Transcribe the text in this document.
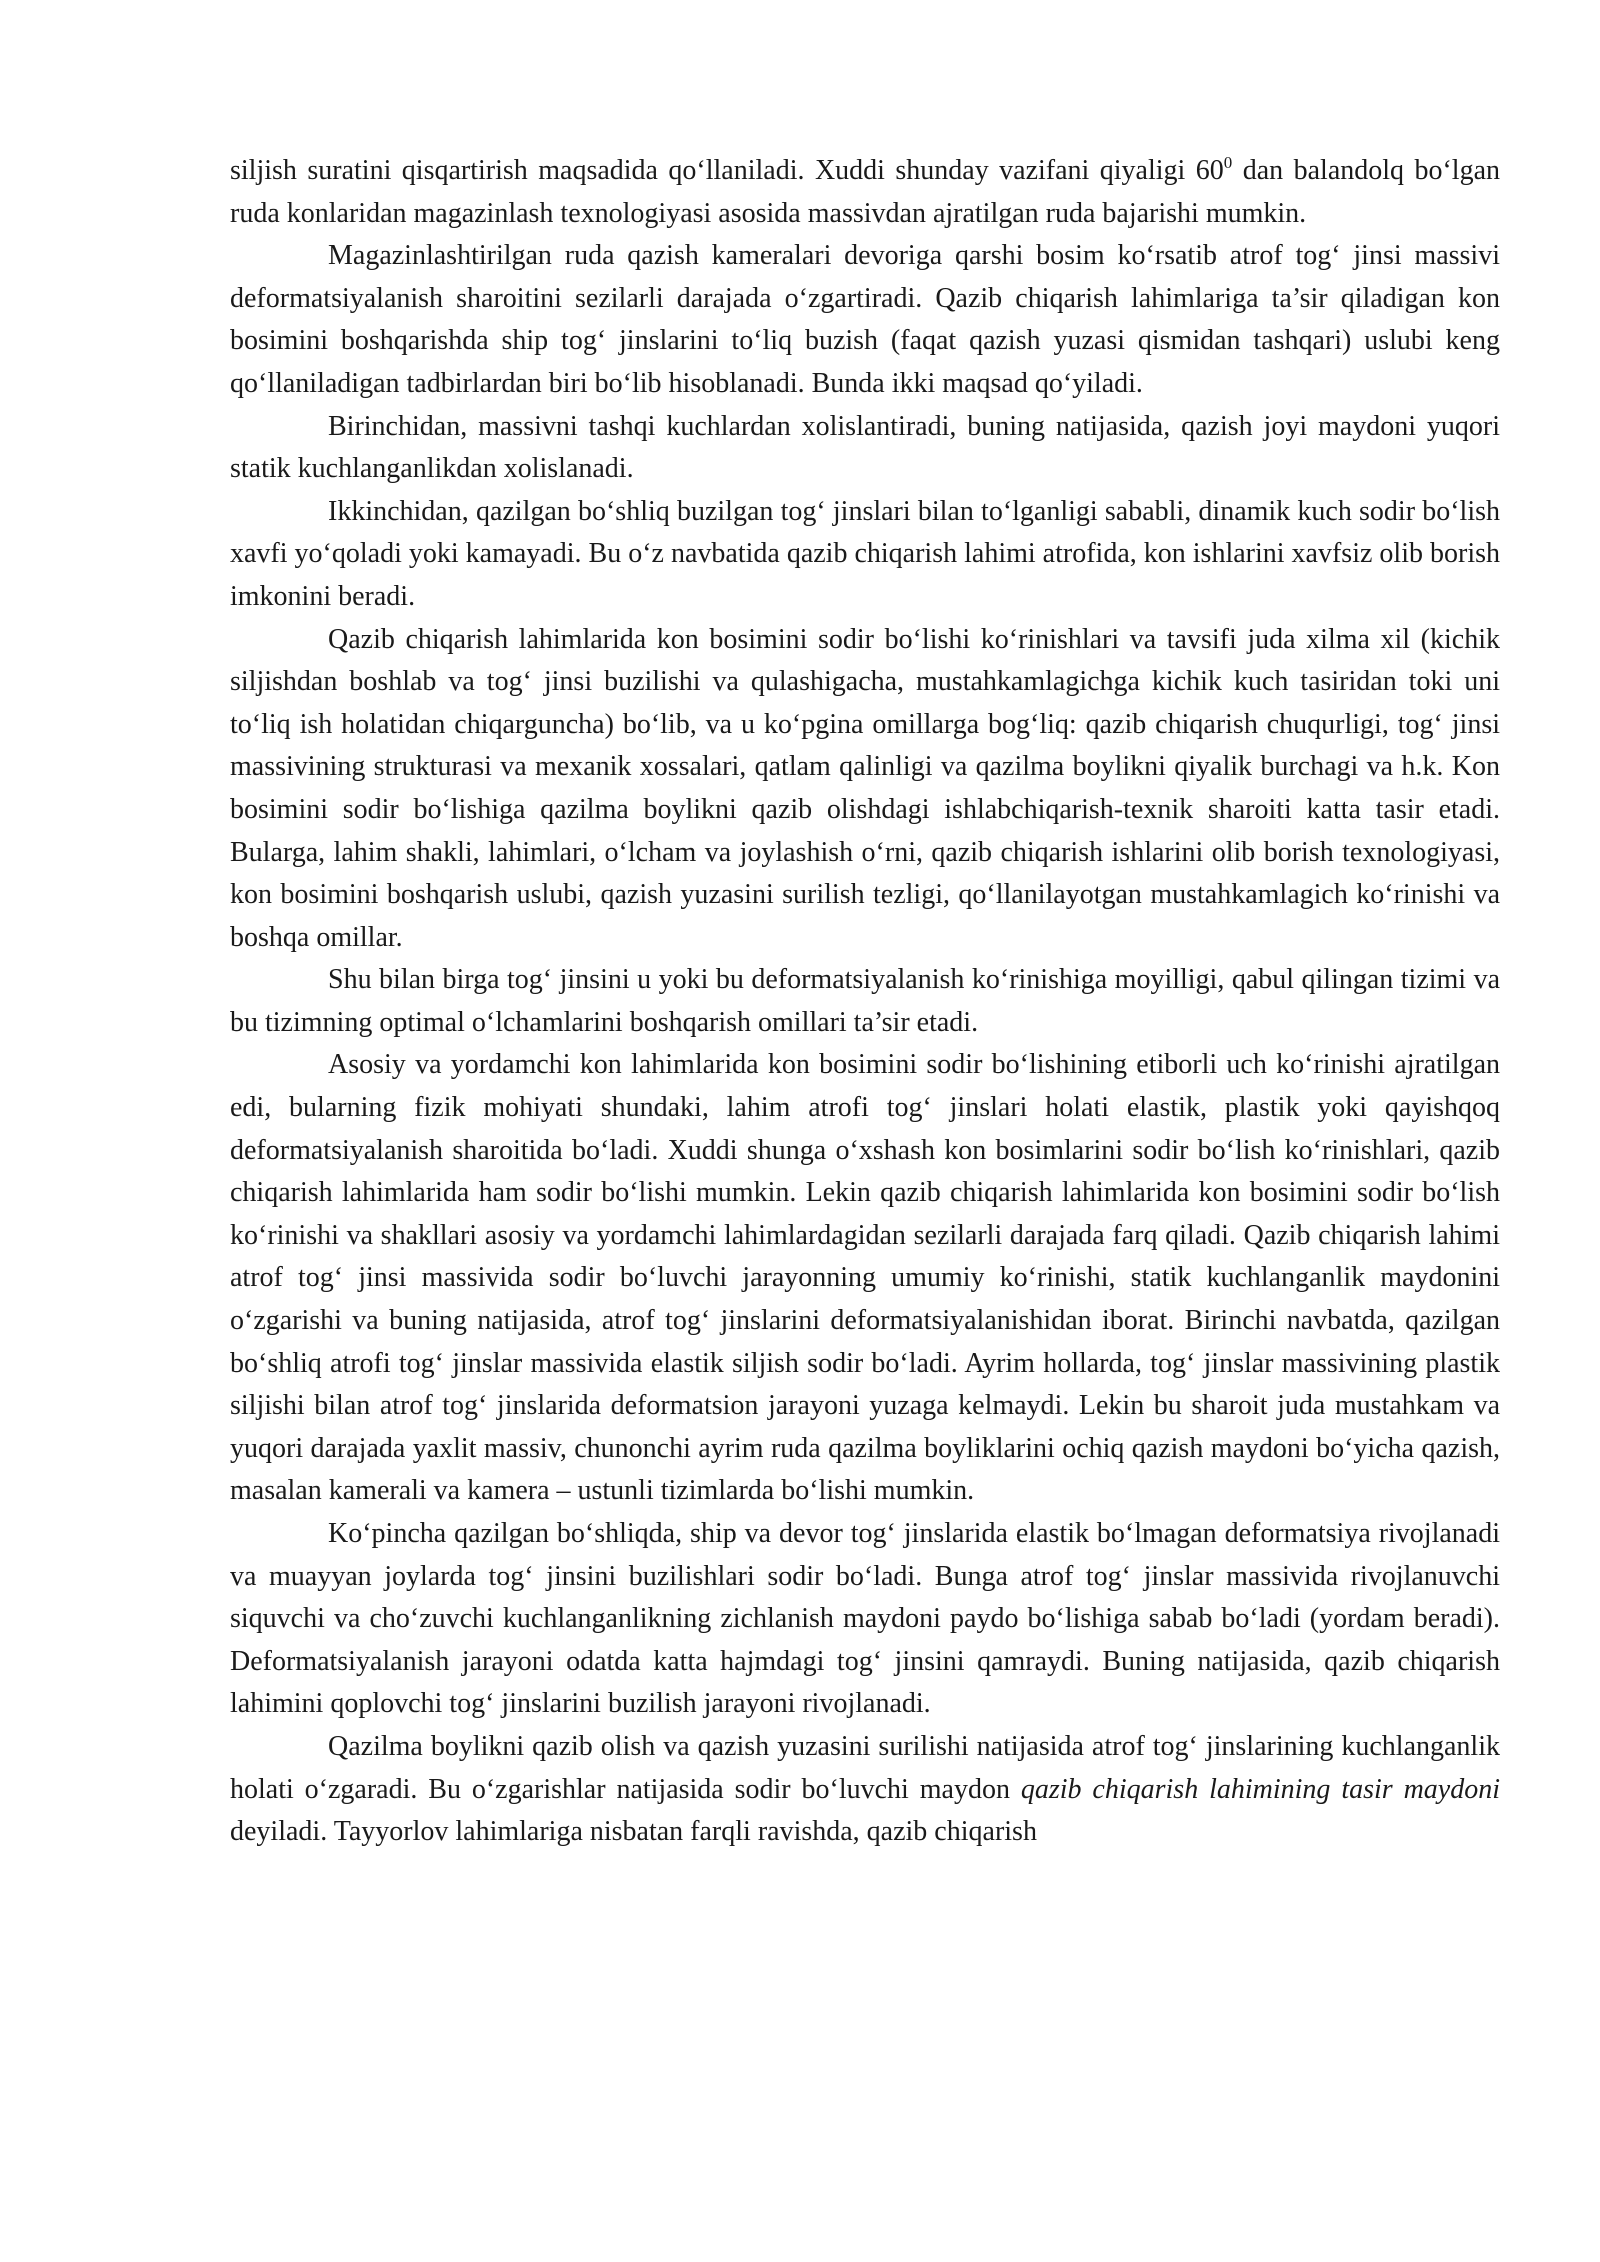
siljish suratini qisqartirish maqsadida qo‘llaniladi. Xuddi shunday vazifani qiyaligi $60^0$ dan balandolq bo‘lgan ruda konlaridan magazinlash texnologiyasi asosida massivdan ajratilgan ruda bajarishi mumkin.

Magazinlashtirilgan ruda qazish kameralari devoriga qarshi bosim ko‘rsatib atrof tog‘ jinsi massivi deformatsiyalanish sharoitini sezilarli darajada o‘zgartiradi. Qazib chiqarish lahimlariga ta’sir qiladigan kon bosimini boshqarishda ship tog‘ jinslarini to‘liq buzish (faqat qazish yuzasi qismidan tashqari) uslubi keng qo‘llaniladigan tadbirlardan biri bo‘lib hisoblanadi. Bunda ikki maqsad qo‘yiladi.

Birinchidan, massivni tashqi kuchlardan xolislantiradi, buning natijasida, qazish joyi maydoni yuqori statik kuchlanganlikdan xolislanadi.

Ikkinchidan, qazilgan bo‘shliq buzilgan tog‘ jinslari bilan to‘lganligi sababli, dinamik kuch sodir bo‘lish xavfi yo‘qoladi yoki kamayadi. Bu o‘z navbatida qazib chiqarish lahimi atrofida, kon ishlarini xavfsiz olib borish imkonini beradi.

Qazib chiqarish lahimlarida kon bosimini sodir bo‘lishi ko‘rinishlari va tavsifi juda xilma xil (kichik siljishdan boshlab va tog‘ jinsi buzilishi va qulashigacha, mustahkamlagichga kichik kuch tasiridan toki uni to‘liq ish holatidan chiqarguncha) bo‘lib, va u ko‘pgina omillarga bog‘liq: qazib chiqarish chuqurligi, tog‘ jinsi massivining strukturasi va mexanik xossalari, qatlam qalinligi va qazilma boylikni qiyalik burchagi va h.k. Kon bosimini sodir bo‘lishiga qazilma boylikni qazib olishdagi ishlabchiqarish-texnik sharoiti katta tasir etadi. Bularga, lahim shakli, lahimlari, o‘lcham va joylashish o‘rni, qazib chiqarish ishlarini olib borish texnologiyasi, kon bosimini boshqarish uslubi, qazish yuzasini surilish tezligi, qo‘llanilayotgan mustahkamlagich ko‘rinishi va boshqa omillar.

Shu bilan birga tog‘ jinsini u yoki bu deformatsiyalanish ko‘rinishiga moyilligi, qabul qilingan tizimi va bu tizimning optimal o‘lchamlarini boshqarish omillari ta’sir etadi.

Asosiy va yordamchi kon lahimlarida kon bosimini sodir bo‘lishining etiborli uch ko‘rinishi ajratilgan edi, bularning fizik mohiyati shundaki, lahim atrofi tog‘ jinslari holati elastik, plastik yoki qayishqoq deformatsiyalanish sharoitida bo‘ladi. Xuddi shunga o‘xshash kon bosimlarini sodir bo‘lish ko‘rinishlari, qazib chiqarish lahimlarida ham sodir bo‘lishi mumkin. Lekin qazib chiqarish lahimlarida kon bosimini sodir bo‘lish ko‘rinishi va shakllari asosiy va yordamchi lahimlardagidan sezilarli darajada farq qiladi. Qazib chiqarish lahimi atrof tog‘ jinsi massivida sodir bo‘luvchi jarayonning umumiy ko‘rinishi, statik kuchlanganlik maydonini o‘zgarishi va buning natijasida, atrof tog‘ jinslarini deformatsiyalanishidan iborat. Birinchi navbatda, qazilgan bo‘shliq atrofi tog‘ jinslar massivida elastik siljish sodir bo‘ladi. Ayrim hollarda, tog‘ jinslar massivining plastik siljishi bilan atrof tog‘ jinslarida deformatsion jarayoni yuzaga kelmaydi. Lekin bu sharoit juda mustahkam va yuqori darajada yaxlit massiv, chunonchi ayrim ruda qazilma boyliklarini ochiq qazish maydoni bo‘yicha qazish, masalan kamerali va kamera – ustunli tizimlarda bo‘lishi mumkin.

Ko‘pincha qazilgan bo‘shliqda, ship va devor tog‘ jinslarida elastik bo‘lmagan deformatsiya rivojlanadi va muayyan joylarda tog‘ jinsini buzilishlari sodir bo‘ladi. Bunga atrof tog‘ jinslar massivida rivojlanuvchi siquvchi va cho‘zuvchi kuchlanganlikning zichlanish maydoni paydo bo‘lishiga sabab bo‘ladi (yordam beradi). Deformatsiyalanish jarayoni odatda katta hajmdagi tog‘ jinsini qamraydi. Buning natijasida, qazib chiqarish lahimini qoplovchi tog‘ jinslarini buzilish jarayoni rivojlanadi.

Qazilma boylikni qazib olish va qazish yuzasini surilishi natijasida atrof tog‘ jinslarining kuchlanganlik holati o‘zgaradi. Bu o‘zgarishlar natijasida sodir bo‘luvchi maydon qazib chiqarish lahimining tasir maydoni deyiladi. Tayyorlov lahimlariga nisbatan farqli ravishda, qazib chiqarish
